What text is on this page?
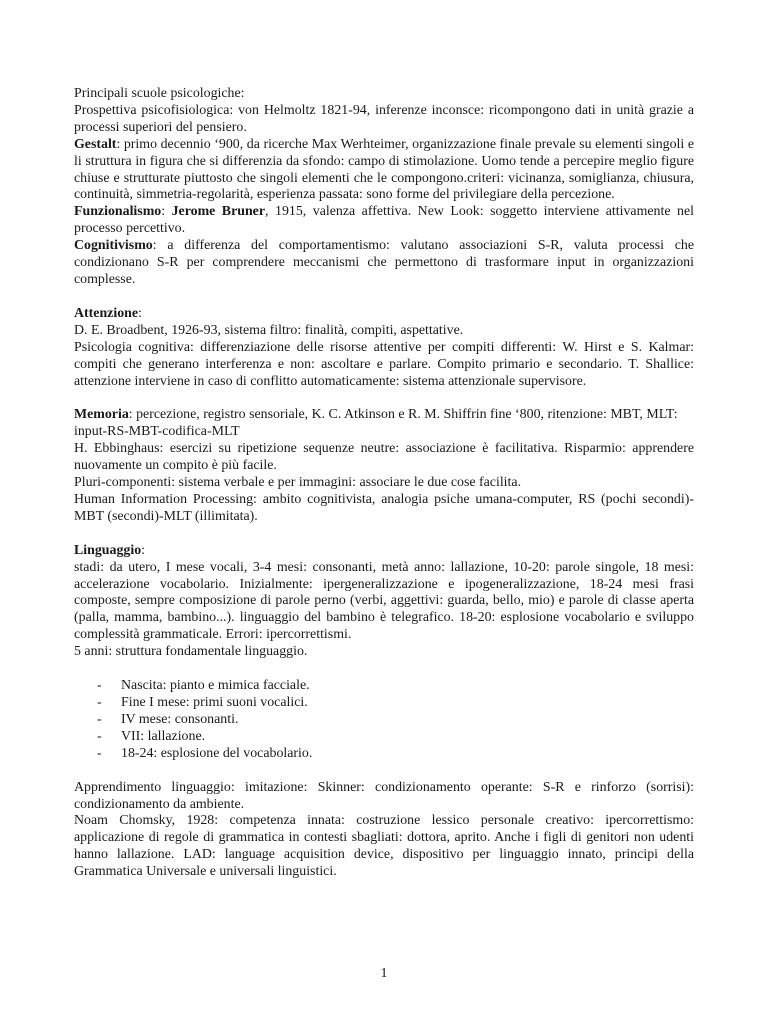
Principali scuole psicologiche:

Prospettiva psicofisiologica: von Helmoltz 1821-94, inferenze inconsce: ricompongono dati in unità grazie a processi superiori del pensiero.

Gestalt: primo decennio ‘900, da ricerche Max Werhteimer, organizzazione finale prevale su elementi singoli e li struttura in figura che si differenzia da sfondo: campo di stimolazione. Uomo tende a percepire meglio figure chiuse e strutturate piuttosto che singoli elementi che le compongono.criteri: vicinanza, somiglianza, chiusura, continuità, simmetria-regolarità, esperienza passata: sono forme del privilegiare della percezione.

Funzionalismo: Jerome Bruner, 1915, valenza affettiva. New Look: soggetto interviene attivamente nel processo percettivo.

Cognitivismo: a differenza del comportamentismo: valutano associazioni S-R, valuta processi che condizionano S-R per comprendere meccanismi che permettono di trasformare input in organizzazioni complesse.

Attenzione:

D. E. Broadbent, 1926-93, sistema filtro: finalità, compiti, aspettative.

Psicologia cognitiva: differenziazione delle risorse attentive per compiti differenti: W. Hirst e S. Kalmar: compiti che generano interferenza e non: ascoltare e parlare. Compito primario e secondario. T. Shallice: attenzione interviene in caso di conflitto automaticamente: sistema attenzionale supervisore.

Memoria: percezione, registro sensoriale, K. C. Atkinson e R. M. Shiffrin fine ‘800, ritenzione: MBT, MLT:

input-RS-MBT-codifica-MLT

H. Ebbinghaus: esercizi su ripetizione sequenze neutre: associazione è facilitativa. Risparmio: apprendere nuovamente un compito è più facile.

Pluri-componenti: sistema verbale e per immagini: associare le due cose facilita.

Human Information Processing: ambito cognitivista, analogia psiche umana-computer, RS (pochi secondi)-MBT (secondi)-MLT (illimitata).

Linguaggio:

stadi: da utero, I mese vocali, 3-4 mesi: consonanti, metà anno: lallazione, 10-20: parole singole, 18 mesi: accelerazione vocabolario. Inizialmente: ipergeneralizzazione e ipogeneralizzazione, 18-24 mesi frasi composte, sempre composizione di parole perno (verbi, aggettivi: guarda, bello, mio) e parole di classe aperta (palla, mamma, bambino...). linguaggio del bambino è telegrafico. 18-20: esplosione vocabolario e sviluppo complessità grammaticale. Errori: ipercorrettismi.

5 anni: struttura fondamentale linguaggio.

- Nascita: pianto e mimica facciale.
- Fine I mese: primi suoni vocalici.
- IV mese: consonanti.
- VII: lallazione.
- 18-24: esplosione del vocabolario.

Apprendimento linguaggio: imitazione: Skinner: condizionamento operante: S-R e rinforzo (sorrisi): condizionamento da ambiente.

Noam Chomsky, 1928: competenza innata: costruzione lessico personale creativo: ipercorrettismo: applicazione di regole di grammatica in contesti sbagliati: dottora, aprito. Anche i figli di genitori non udenti hanno lallazione. LAD: language acquisition device, dispositivo per linguaggio innato, principi della Grammatica Universale e universali linguistici.

1
